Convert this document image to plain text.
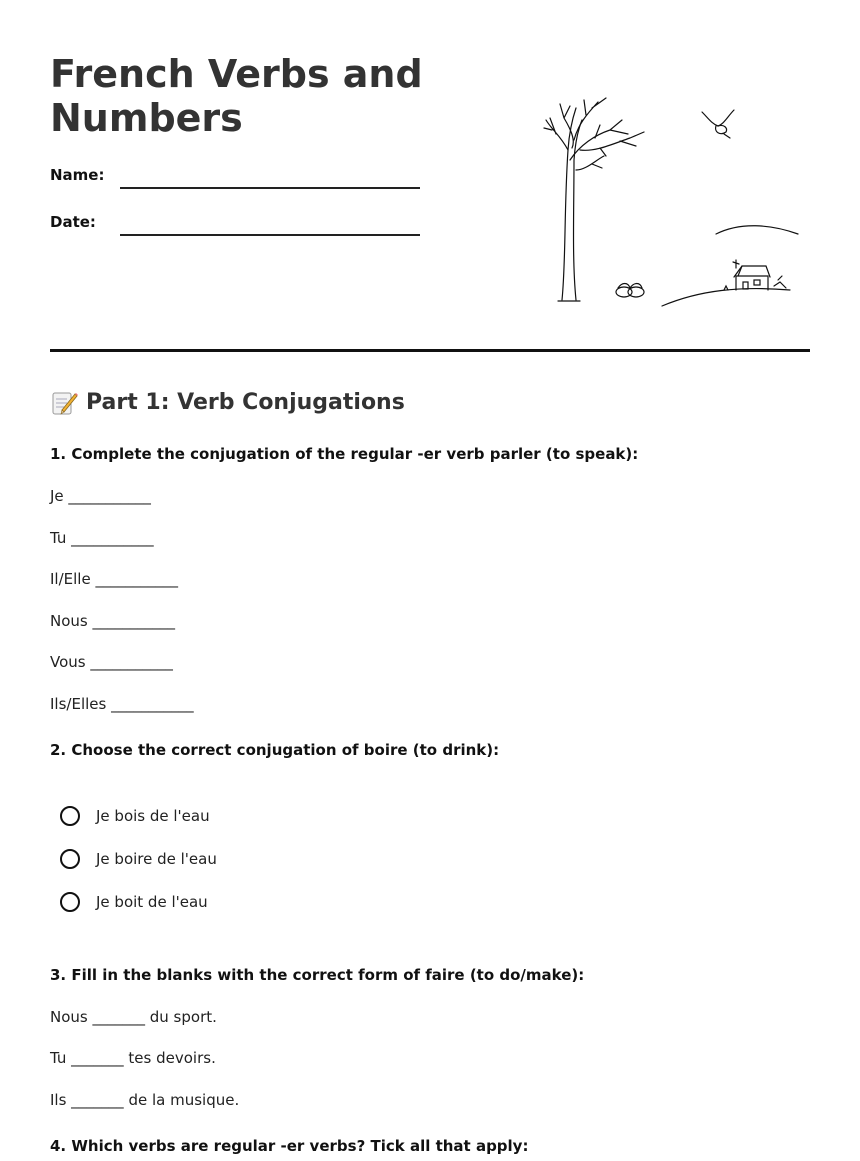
French Verbs and Numbers
Name:
Date:
Part 1: Verb Conjugations

1. Complete the conjugation of the regular -er verb parler (to speak):

Je ___________
Tu ___________
Il/Elle ___________
Nous ___________
Vous ___________
Ils/Elles ___________

2. Choose the correct conjugation of boire (to drink):

Je bois de l'eau
Je boire de l'eau
Je boit de l'eau

3. Fill in the blanks with the correct form of faire (to do/make):

Nous _______ du sport.
Tu _______ tes devoirs.
Ils _______ de la musique.

4. Which verbs are regular -er verbs? Tick all that apply:
